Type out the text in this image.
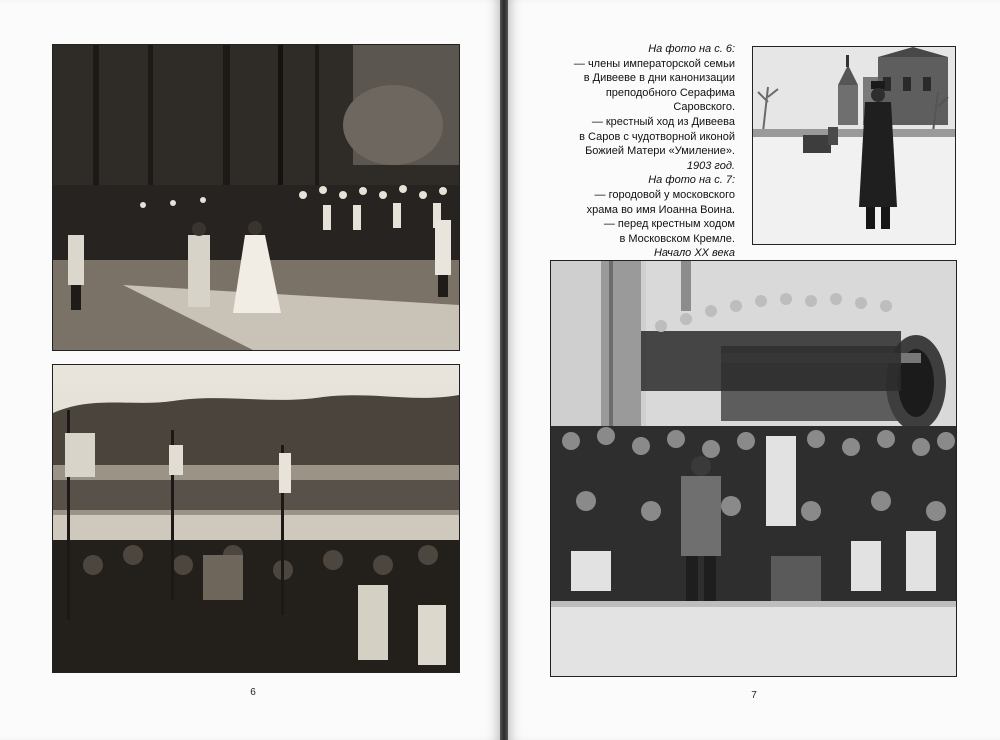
6	7
На фото на с. 6:
— члены императорской семьи
в Дивееве в дни канонизации
преподобного Серафима
Саровского.
— крестный ход из Дивеева
в Саров с чудотворной иконой
Божией Матери «Умиление».
1903 год.
На фото на с. 7:
— городовой у московского
храма во имя Иоанна Воина.
— перед крестным ходом
в Московском Кремле.
Начало XX века
